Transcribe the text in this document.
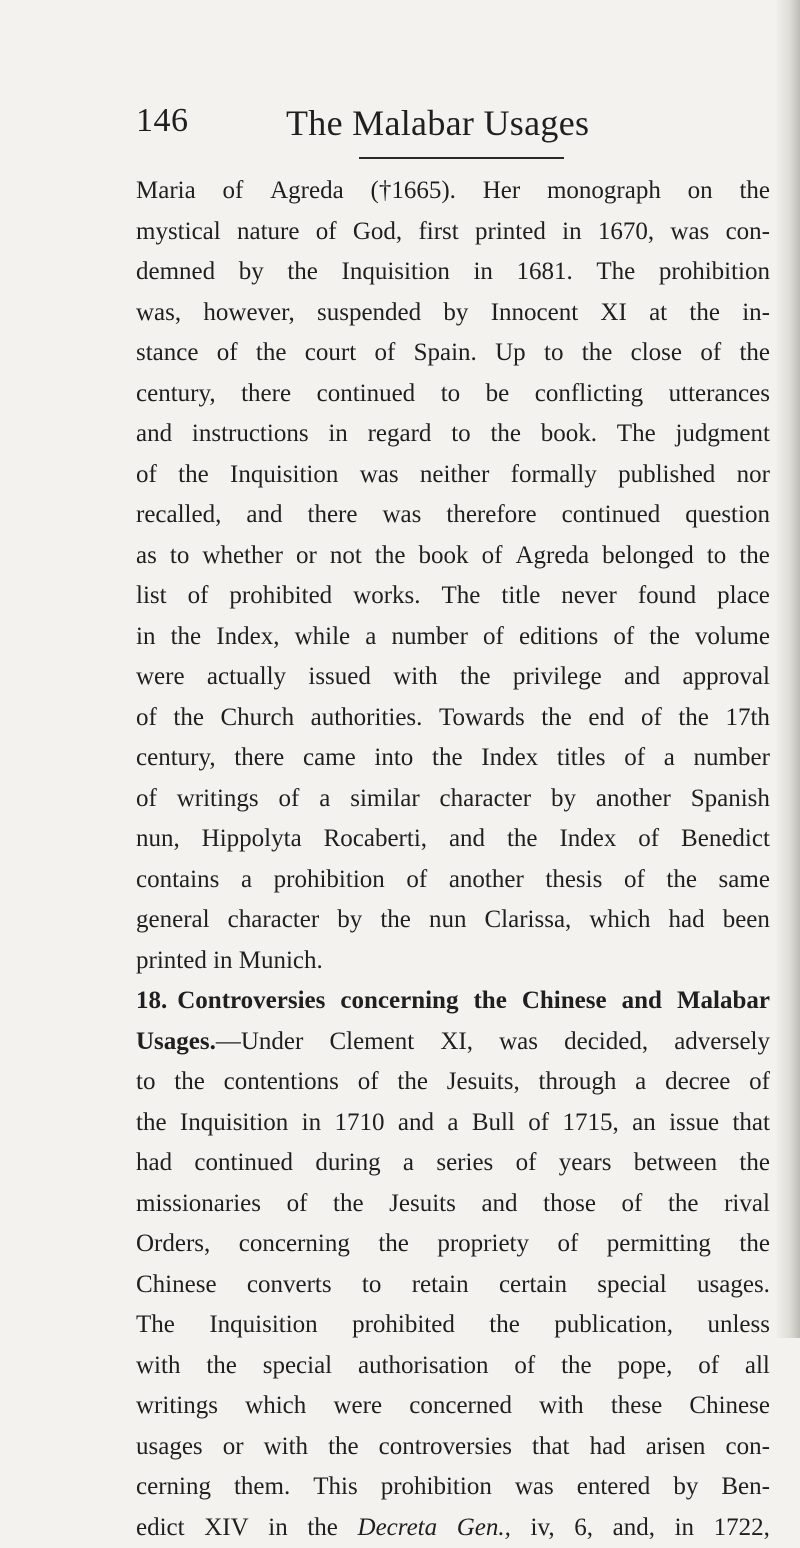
146	The Malabar Usages
Maria of Agreda (†1665). Her monograph on the
mystical nature of God, first printed in 1670, was con-
demned by the Inquisition in 1681. The prohibition
was, however, suspended by Innocent XI at the in-
stance of the court of Spain. Up to the close of the
century, there continued to be conflicting utterances
and instructions in regard to the book. The judgment
of the Inquisition was neither formally published nor
recalled, and there was therefore continued question
as to whether or not the book of Agreda belonged to the
list of prohibited works. The title never found place
in the Index, while a number of editions of the volume
were actually issued with the privilege and approval
of the Church authorities. Towards the end of the 17th
century, there came into the Index titles of a number
of writings of a similar character by another Spanish
nun, Hippolyta Rocaberti, and the Index of Benedict
contains a prohibition of another thesis of the same
general character by the nun Clarissa, which had been
printed in Munich.
18. Controversies concerning the Chinese and Malabar
Usages.—Under Clement XI, was decided, adversely
to the contentions of the Jesuits, through a decree of
the Inquisition in 1710 and a Bull of 1715, an issue that
had continued during a series of years between the
missionaries of the Jesuits and those of the rival
Orders, concerning the propriety of permitting the
Chinese converts to retain certain special usages.
The Inquisition prohibited the publication, unless
with the special authorisation of the pope, of all
writings which were concerned with these Chinese
usages or with the controversies that had arisen con-
cerning them. This prohibition was entered by Ben-
edict XIV in the Decreta Gen., iv, 6, and, in 1722,
